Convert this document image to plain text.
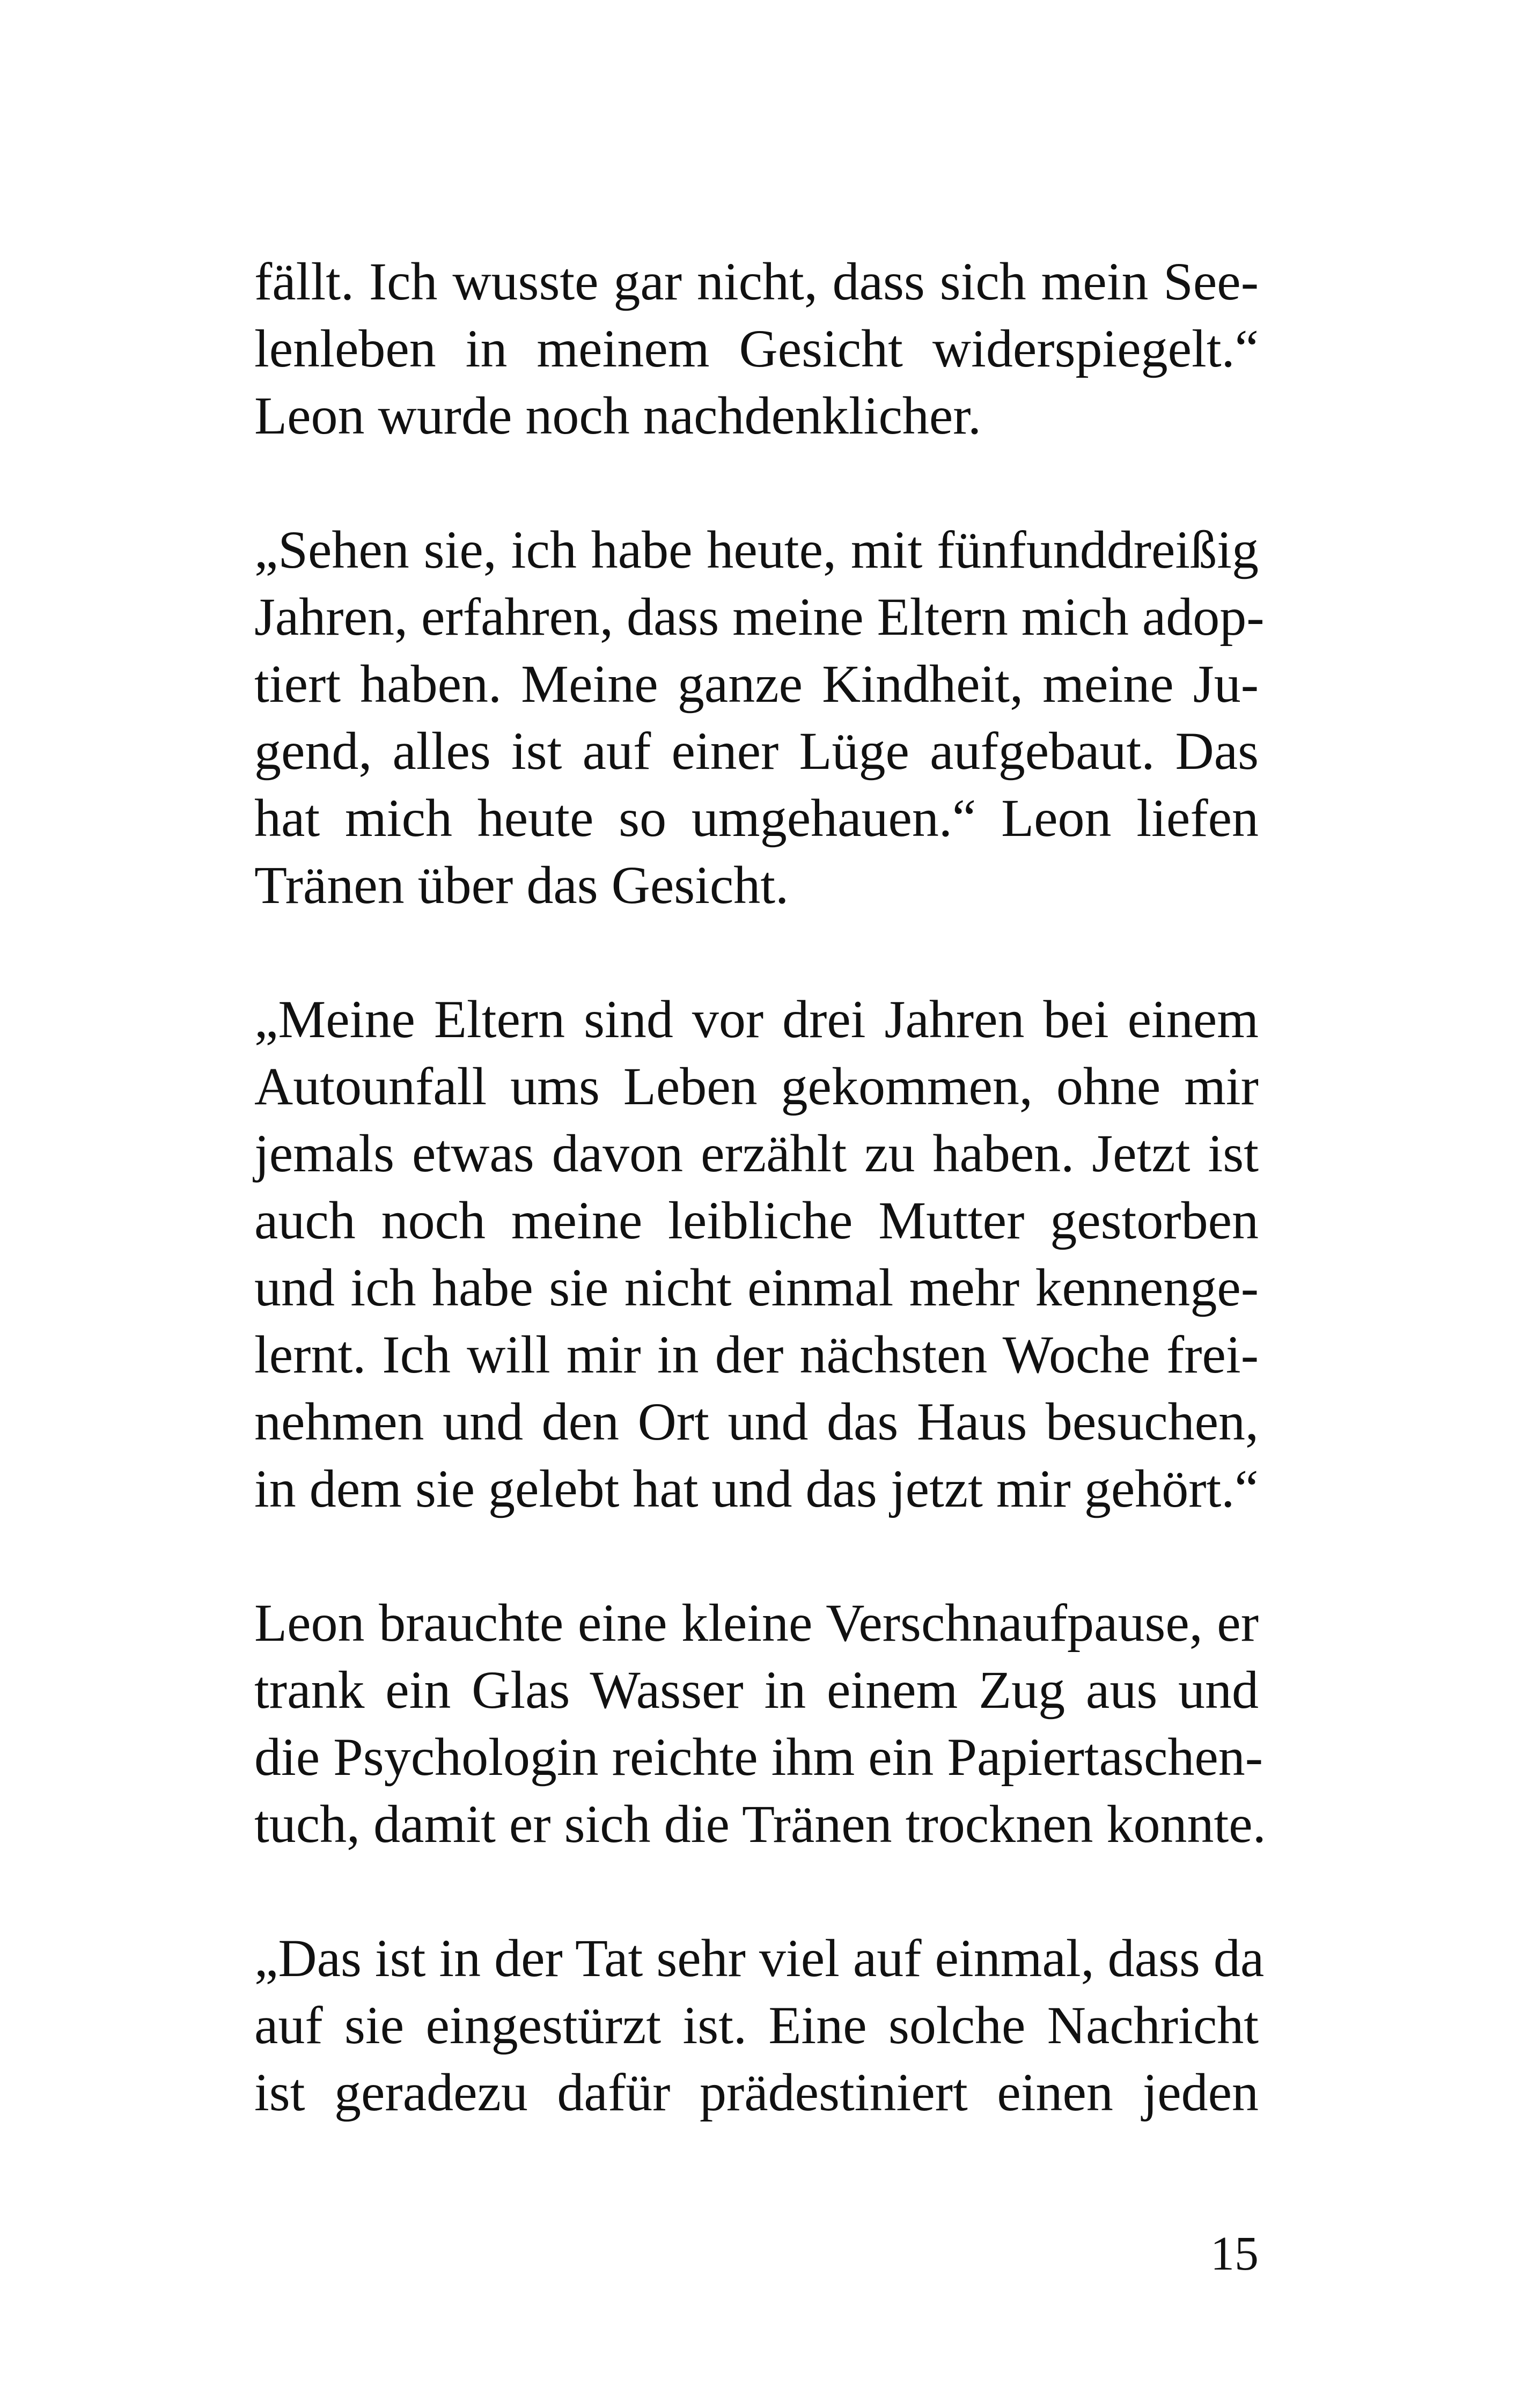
fällt. Ich wusste gar nicht, dass sich mein See-
lenleben in meinem Gesicht widerspiegelt.“
Leon wurde noch nachdenklicher.

„Sehen sie, ich habe heute, mit fünfunddreißig
Jahren, erfahren, dass meine Eltern mich adop-
tiert haben. Meine ganze Kindheit, meine Ju-
gend, alles ist auf einer Lüge aufgebaut. Das
hat mich heute so umgehauen.“ Leon liefen
Tränen über das Gesicht.

„Meine Eltern sind vor drei Jahren bei einem
Autounfall ums Leben gekommen, ohne mir
jemals etwas davon erzählt zu haben. Jetzt ist
auch noch meine leibliche Mutter gestorben
und ich habe sie nicht einmal mehr kennenge-
lernt. Ich will mir in der nächsten Woche frei-
nehmen und den Ort und das Haus besuchen,
in dem sie gelebt hat und das jetzt mir gehört.“

Leon brauchte eine kleine Verschnaufpause, er
trank ein Glas Wasser in einem Zug aus und
die Psychologin reichte ihm ein Papiertaschen-
tuch, damit er sich die Tränen trocknen konnte.

„Das ist in der Tat sehr viel auf einmal, dass da
auf sie eingestürzt ist. Eine solche Nachricht
ist geradezu dafür prädestiniert einen jeden

15
